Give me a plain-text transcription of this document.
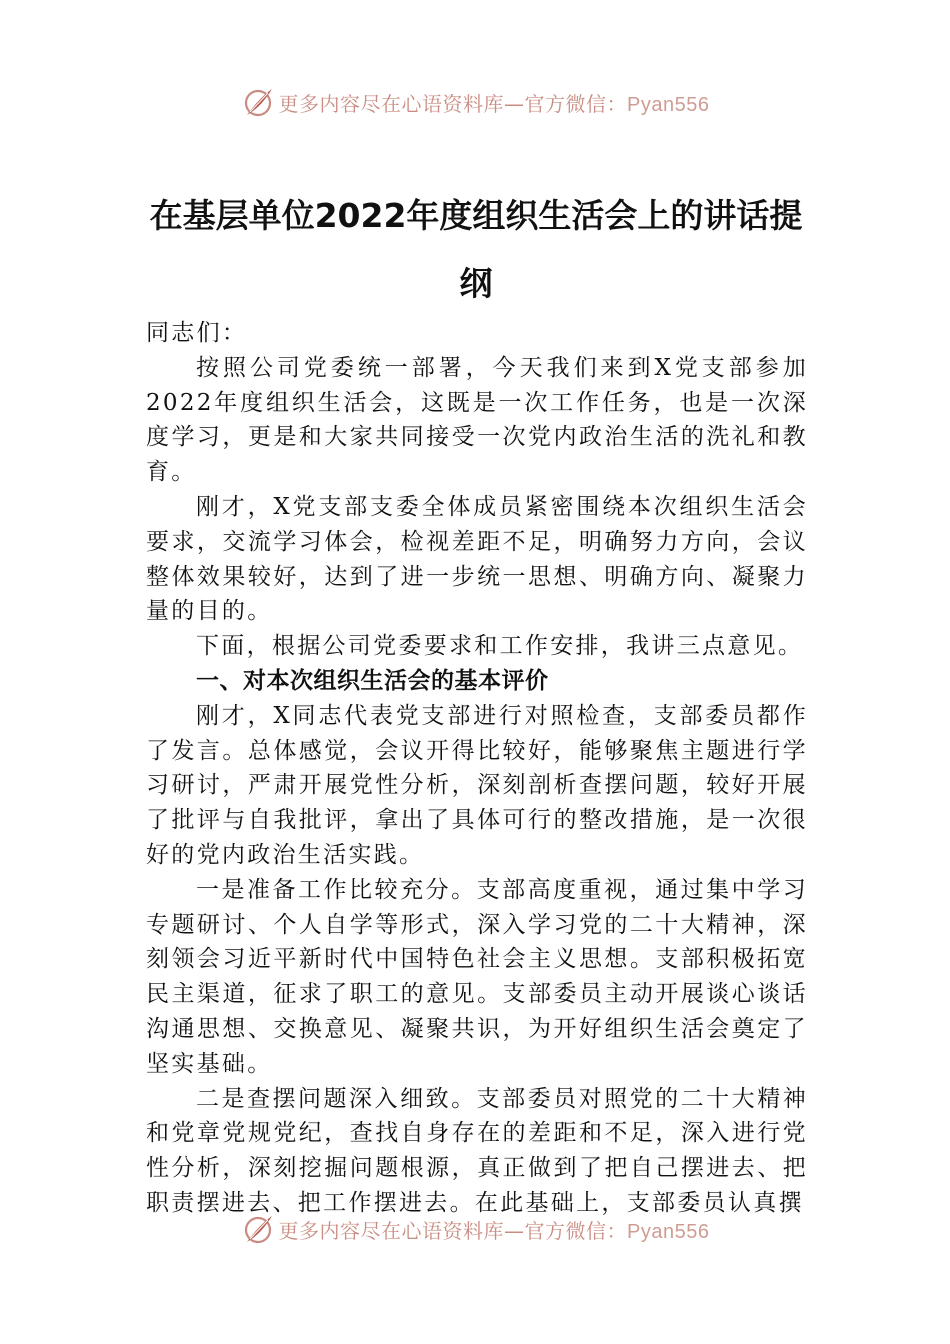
更多内容尽在心语资料库—官方微信：Pyan556
在基层单位2022年度组织生活会上的讲话提纲

同志们：

按照公司党委统一部署，今天我们来到X党支部参加2022年度组织生活会，这既是一次工作任务，也是一次深度学习，更是和大家共同接受一次党内政治生活的洗礼和教育。

刚才，X党支部支委全体成员紧密围绕本次组织生活会要求，交流学习体会，检视差距不足，明确努力方向，会议整体效果较好，达到了进一步统一思想、明确方向、凝聚力量的目的。

下面，根据公司党委要求和工作安排，我讲三点意见。

一、对本次组织生活会的基本评价

刚才，X同志代表党支部进行对照检查，支部委员都作了发言。总体感觉，会议开得比较好，能够聚焦主题进行学习研讨，严肃开展党性分析，深刻剖析查摆问题，较好开展了批评与自我批评，拿出了具体可行的整改措施，是一次很好的党内政治生活实践。

一是准备工作比较充分。支部高度重视，通过集中学习专题研讨、个人自学等形式，深入学习党的二十大精神，深刻领会习近平新时代中国特色社会主义思想。支部积极拓宽民主渠道，征求了职工的意见。支部委员主动开展谈心谈话沟通思想、交换意见、凝聚共识，为开好组织生活会奠定了坚实基础。

二是查摆问题深入细致。支部委员对照党的二十大精神和党章党规党纪，查找自身存在的差距和不足，深入进行党性分析，深刻挖掘问题根源，真正做到了把自己摆进去、把职责摆进去、把工作摆进去。在此基础上，支部委员认真撰

更多内容尽在心语资料库—官方微信：Pyan556
